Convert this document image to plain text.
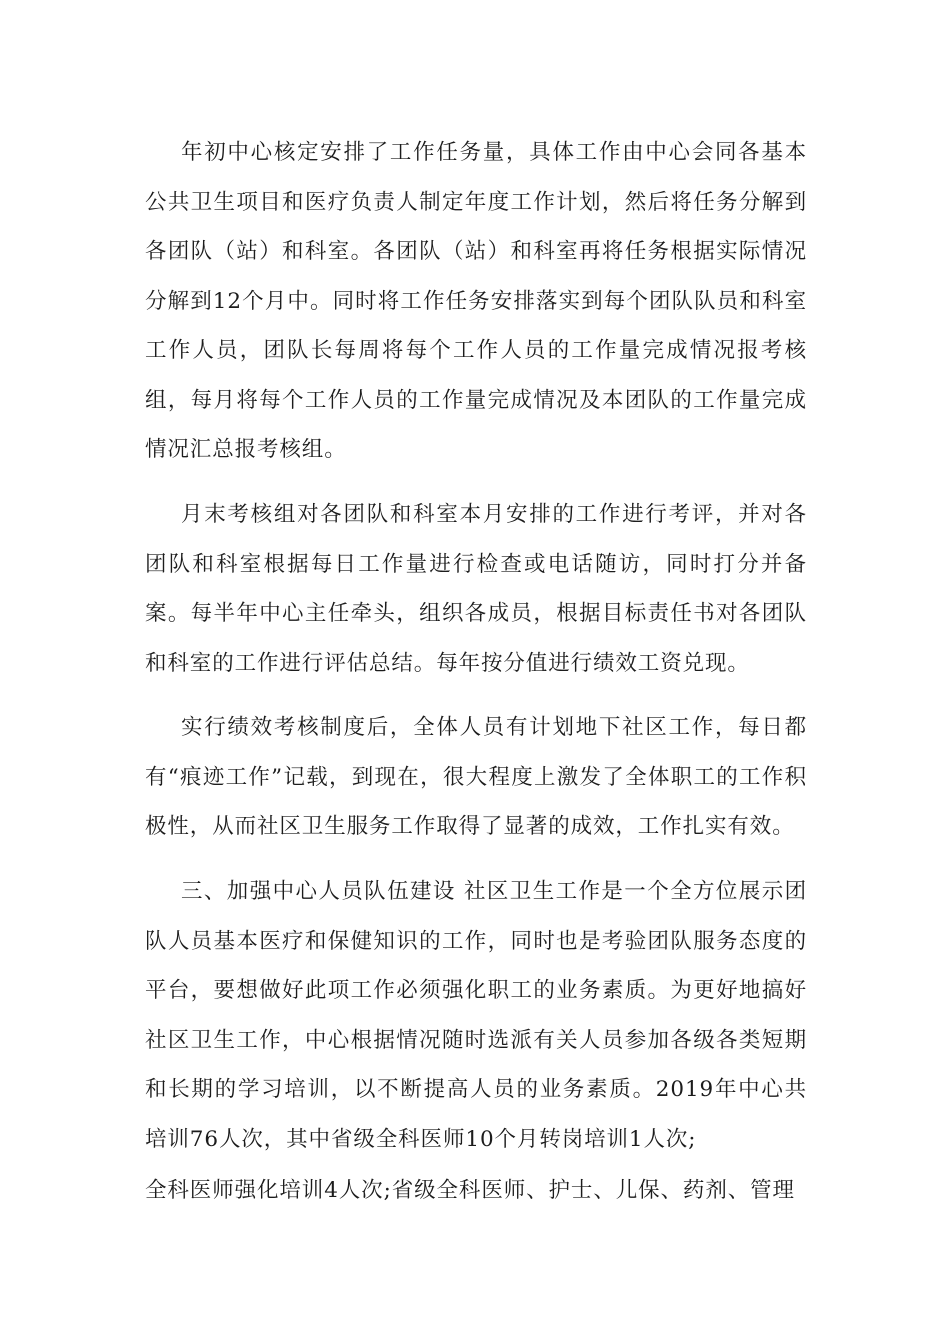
年初中心核定安排了工作任务量，具体工作由中心会同各基本公共卫生项目和医疗负责人制定年度工作计划，然后将任务分解到各团队（站）和科室。各团队（站）和科室再将任务根据实际情况分解到12个月中。同时将工作任务安排落实到每个团队队员和科室工作人员，团队长每周将每个工作人员的工作量完成情况报考核组，每月将每个工作人员的工作量完成情况及本团队的工作量完成情况汇总报考核组。

月末考核组对各团队和科室本月安排的工作进行考评，并对各团队和科室根据每日工作量进行检查或电话随访，同时打分并备案。每半年中心主任牵头，组织各成员，根据目标责任书对各团队和科室的工作进行评估总结。每年按分值进行绩效工资兑现。

实行绩效考核制度后，全体人员有计划地下社区工作，每日都有“痕迹工作”记载，到现在，很大程度上激发了全体职工的工作积极性，从而社区卫生服务工作取得了显著的成效，工作扎实有效。

三、加强中心人员队伍建设 社区卫生工作是一个全方位展示团队人员基本医疗和保健知识的工作，同时也是考验团队服务态度的平台，要想做好此项工作必须强化职工的业务素质。为更好地搞好社区卫生工作，中心根据情况随时选派有关人员参加各级各类短期和长期的学习培训，以不断提高人员的业务素质。2019年中心共培训76人次，其中省级全科医师10个月转岗培训1人次;

全科医师强化培训4人次;省级全科医师、护士、儿保、药剂、管理
